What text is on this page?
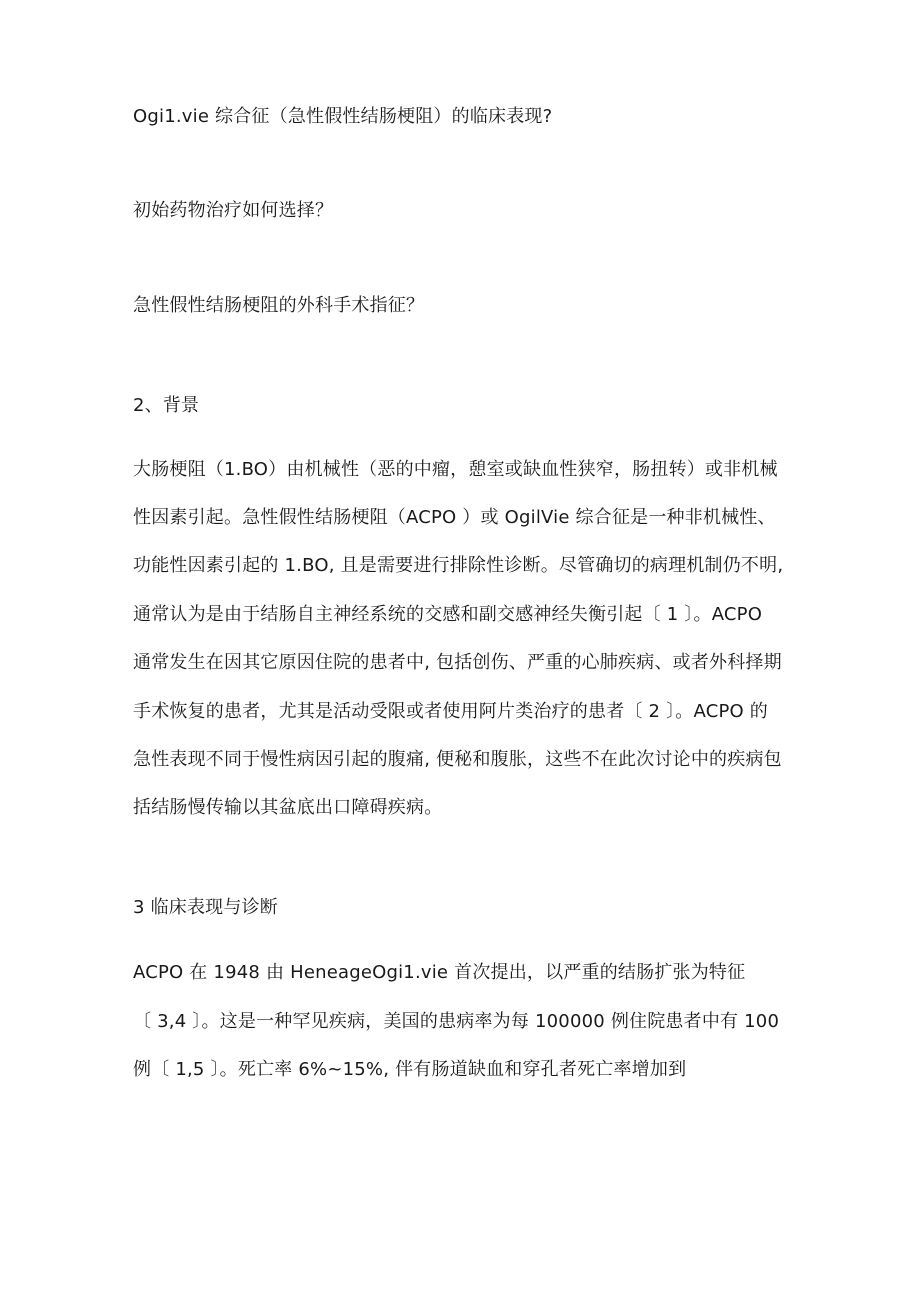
Ogi1.vie 综合征（急性假性结肠梗阻）的临床表现?
初始药物治疗如何选择？
急性假性结肠梗阻的外科手术指征？
2、背景
大肠梗阻（1.BO）由机械性（恶的中瘤，憩室或缺血性狭窄，肠扭转）或非机械
性因素引起。急性假性结肠梗阻（ACPO ）或 OgilVie 综合征是一种非机械性、
功能性因素引起的 1.BO, 且是需要进行排除性诊断。尽管确切的病理机制仍不明,
通常认为是由于结肠自主神经系统的交感和副交感神经失衡引起〔 1 〕。ACPO
通常发生在因其它原因住院的患者中, 包括创伤、严重的心肺疾病、或者外科择期
手术恢复的患者，尤其是活动受限或者使用阿片类治疗的患者〔 2 〕。ACPO 的
急性表现不同于慢性病因引起的腹痛, 便秘和腹胀，这些不在此次讨论中的疾病包
括结肠慢传输以其盆底出口障碍疾病。
3 临床表现与诊断
ACPO 在 1948 由 HeneageOgi1.vie 首次提出，以严重的结肠扩张为特征
〔 3,4 〕。这是一种罕见疾病，美国的患病率为每 100000 例住院患者中有 100
例〔 1,5 〕。死亡率 6%~15%, 伴有肠道缺血和穿孔者死亡率增加到
